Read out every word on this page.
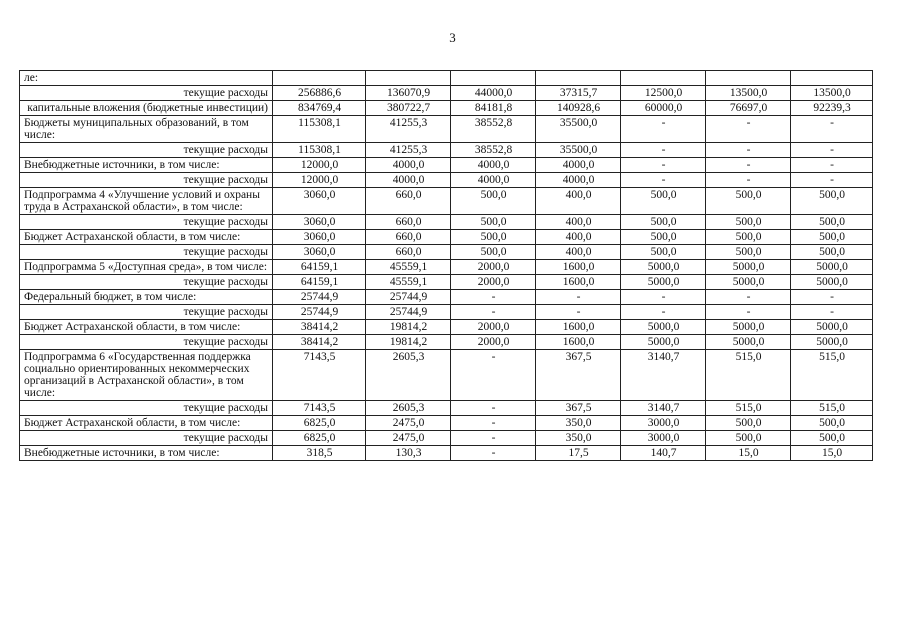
3
ле:							
текущие расходы	256886,6	136070,9	44000,0	37315,7	12500,0	13500,0	13500,0
капитальные вложения (бюджетные инвестиции)	834769,4	380722,7	84181,8	140928,6	60000,0	76697,0	92239,3
Бюджеты муниципальных образований, в том числе:	115308,1	41255,3	38552,8	35500,0	-	-	-
текущие расходы	115308,1	41255,3	38552,8	35500,0	-	-	-
Внебюджетные источники, в том числе:	12000,0	4000,0	4000,0	4000,0	-	-	-
текущие расходы	12000,0	4000,0	4000,0	4000,0	-	-	-
Подпрограмма 4 «Улучшение условий и охраны труда в Астраханской области», в том числе:	3060,0	660,0	500,0	400,0	500,0	500,0	500,0
текущие расходы	3060,0	660,0	500,0	400,0	500,0	500,0	500,0
Бюджет Астраханской области, в том числе:	3060,0	660,0	500,0	400,0	500,0	500,0	500,0
текущие расходы	3060,0	660,0	500,0	400,0	500,0	500,0	500,0
Подпрограмма 5 «Доступная среда», в том числе:	64159,1	45559,1	2000,0	1600,0	5000,0	5000,0	5000,0
текущие расходы	64159,1	45559,1	2000,0	1600,0	5000,0	5000,0	5000,0
Федеральный бюджет, в том числе:	25744,9	25744,9	-	-	-	-	-
текущие расходы	25744,9	25744,9	-	-	-	-	-
Бюджет Астраханской области, в том числе:	38414,2	19814,2	2000,0	1600,0	5000,0	5000,0	5000,0
текущие расходы	38414,2	19814,2	2000,0	1600,0	5000,0	5000,0	5000,0
Подпрограмма 6 «Государственная поддержка социально ориентированных некоммерческих организаций в Астраханской области», в том числе:	7143,5	2605,3	-	367,5	3140,7	515,0	515,0
текущие расходы	7143,5	2605,3	-	367,5	3140,7	515,0	515,0
Бюджет Астраханской области, в том числе:	6825,0	2475,0	-	350,0	3000,0	500,0	500,0
текущие расходы	6825,0	2475,0	-	350,0	3000,0	500,0	500,0
Внебюджетные источники, в том числе:	318,5	130,3	-	17,5	140,7	15,0	15,0
